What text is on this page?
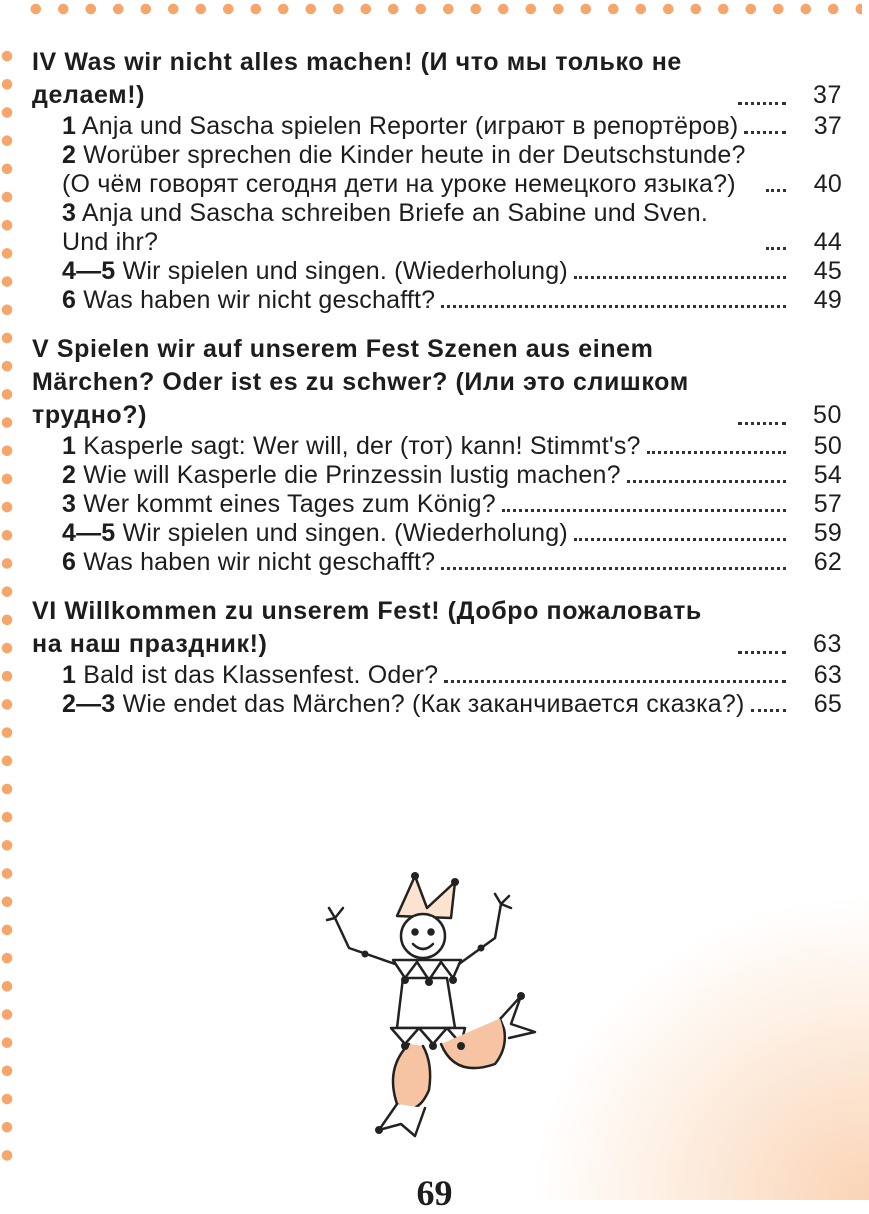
IV Was wir nicht alles machen! (И что мы только не делаем!)	37
1 Anja und Sascha spielen Reporter (играют в репортёров)	37
2 Worüber sprechen die Kinder heute in der Deutschstunde? (О чём говорят сегодня дети на уроке немецкого языка?)	40
3 Anja und Sascha schreiben Briefe an Sabine und Sven. Und ihr?	44
4—5 Wir spielen und singen. (Wiederholung)	45
6 Was haben wir nicht geschafft?	49
V Spielen wir auf unserem Fest Szenen aus einem Märchen? Oder ist es zu schwer? (Или это слишком трудно?)	50
1 Kasperle sagt: Wer will, der (тот) kann! Stimmt's?	50
2 Wie will Kasperle die Prinzessin lustig machen?	54
3 Wer kommt eines Tages zum König?	57
4—5 Wir spielen und singen. (Wiederholung)	59
6 Was haben wir nicht geschafft?	62
VI Willkommen zu unserem Fest! (Добро пожаловать на наш праздник!)	63
1 Bald ist das Klassenfest. Oder?	63
2—3 Wie endet das Märchen? (Как заканчивается сказка?)	65
69
